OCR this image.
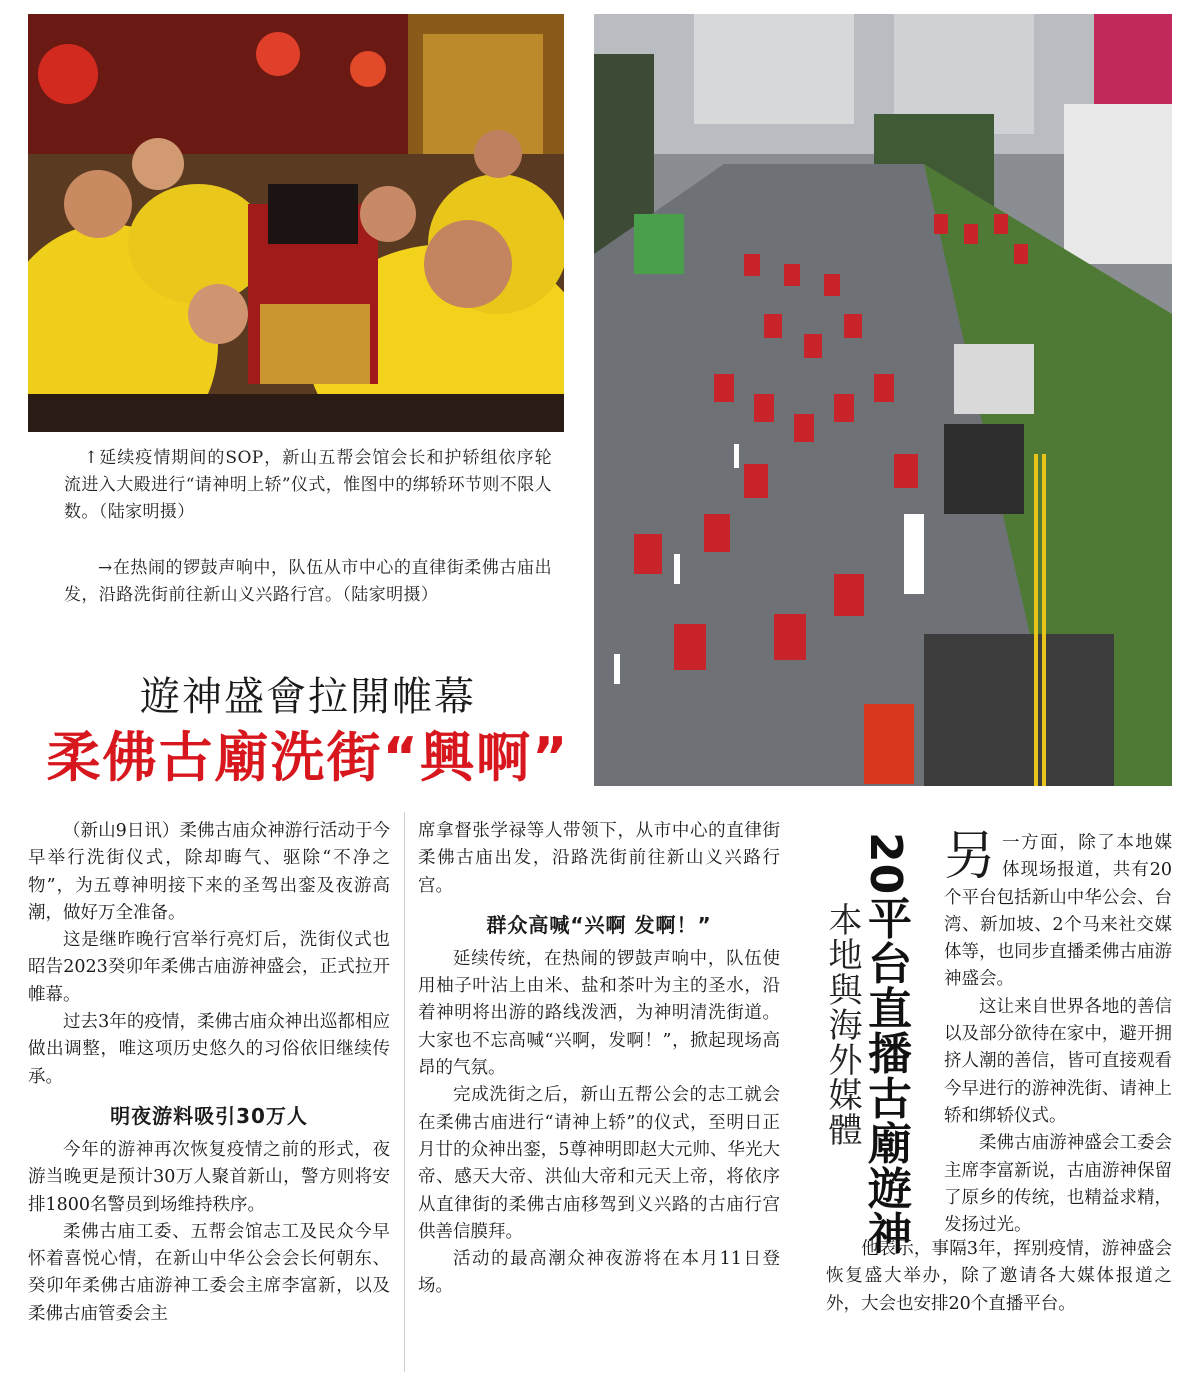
↑延续疫情期间的SOP，新山五帮会馆会长和护轿组依序轮流进入大殿进行“请神明上轿”仪式，惟图中的绑轿环节则不限人数。（陆家明摄）
→在热闹的锣鼓声响中，队伍从市中心的直律街柔佛古庙出发，沿路洗街前往新山义兴路行宫。（陆家明摄）
遊神盛會拉開帷幕
柔佛古廟洗街“興啊”

（新山9日讯）柔佛古庙众神游行活动于今早举行洗街仪式，除却晦气、驱除“不净之物”，为五尊神明接下来的圣驾出銮及夜游高潮，做好万全准备。

这是继昨晚行宫举行亮灯后，洗街仪式也昭告2023癸卯年柔佛古庙游神盛会，正式拉开帷幕。

过去3年的疫情，柔佛古庙众神出巡都相应做出调整，唯这项历史悠久的习俗依旧继续传承。

明夜游料吸引30万人

今年的游神再次恢复疫情之前的形式，夜游当晚更是预计30万人聚首新山，警方则将安排1800名警员到场维持秩序。

柔佛古庙工委、五帮会馆志工及民众今早怀着喜悦心情，在新山中华公会会长何朝东、癸卯年柔佛古庙游神工委会主席李富新，以及柔佛古庙管委会主

席拿督张学禄等人带领下，从市中心的直律街柔佛古庙出发，沿路洗街前往新山义兴路行宫。

群众高喊“兴啊 发啊！”

延续传统，在热闹的锣鼓声响中，队伍使用柚子叶沾上由米、盐和茶叶为主的圣水，沿着神明将出游的路线泼洒，为神明清洗街道。大家也不忘高喊“兴啊，发啊！”，掀起现场高昂的气氛。

完成洗街之后，新山五帮公会的志工就会在柔佛古庙进行“请神上轿”的仪式，至明日正月廿的众神出銮，5尊神明即赵大元帅、华光大帝、感天大帝、洪仙大帝和元天上帝，将依序从直律街的柔佛古庙移驾到义兴路的古庙行宫供善信膜拜。

活动的最高潮众神夜游将在本月11日登场。

20平台直播古廟遊神
本地與海外媒體

另一方面，除了本地媒体现场报道，共有20个平台包括新山中华公会、台湾、新加坡、2个马来社交媒体等，也同步直播柔佛古庙游神盛会。

这让来自世界各地的善信以及部分欲待在家中，避开拥挤人潮的善信，皆可直接观看今早进行的游神洗街、请神上轿和绑轿仪式。

柔佛古庙游神盛会工委会主席李富新说，古庙游神保留了原乡的传统，也精益求精，发扬过光。

他表示，事隔3年，挥别疫情，游神盛会恢复盛大举办，除了邀请各大媒体报道之外，大会也安排20个直播平台。
